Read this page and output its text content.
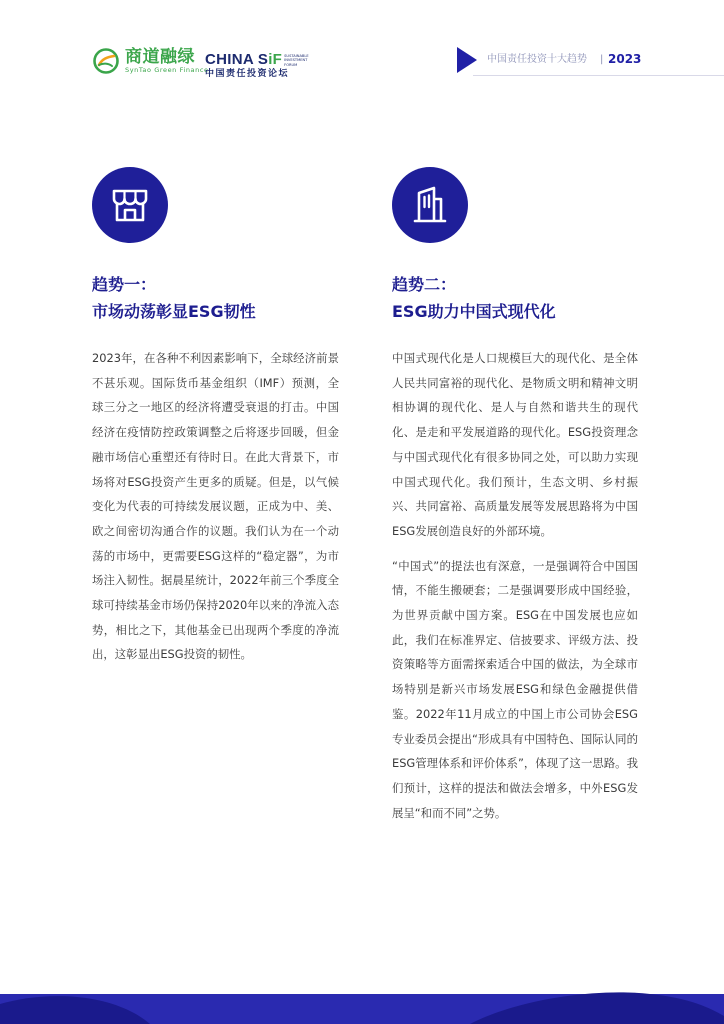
商道融绿
SynTao Green Finance
CHINA SiF SUSTAINABLE INVESTMENT FORUM
中国责任投资论坛
中国责任投资十大趋势 | 2023
趋势一：
市场动荡彰显ESG韧性

2023年，在各种不利因素影响下，全球经济前景不甚乐观。国际货币基金组织（IMF）预测，全球三分之一地区的经济将遭受衰退的打击。中国经济在疫情防控政策调整之后将逐步回暖，但金融市场信心重塑还有待时日。在此大背景下，市场将对ESG投资产生更多的质疑。但是，以气候变化为代表的可持续发展议题，正成为中、美、欧之间密切沟通合作的议题。我们认为在一个动荡的市场中，更需要ESG这样的“稳定器”，为市场注入韧性。据晨星统计，2022年前三个季度全球可持续基金市场仍保持2020年以来的净流入态势，相比之下，其他基金已出现两个季度的净流出，这彰显出ESG投资的韧性。

趋势二：
ESG助力中国式现代化

中国式现代化是人口规模巨大的现代化、是全体人民共同富裕的现代化、是物质文明和精神文明相协调的现代化、是人与自然和谐共生的现代化、是走和平发展道路的现代化。ESG投资理念与中国式现代化有很多协同之处，可以助力实现中国式现代化。我们预计，生态文明、乡村振兴、共同富裕、高质量发展等发展思路将为中国ESG发展创造良好的外部环境。

“中国式”的提法也有深意，一是强调符合中国国情，不能生搬硬套；二是强调要形成中国经验，为世界贡献中国方案。ESG在中国发展也应如此，我们在标准界定、信披要求、评级方法、投资策略等方面需探索适合中国的做法，为全球市场特别是新兴市场发展ESG和绿色金融提供借鉴。2022年11月成立的中国上市公司协会ESG专业委员会提出“形成具有中国特色、国际认同的ESG管理体系和评价体系”，体现了这一思路。我们预计，这样的提法和做法会增多，中外ESG发展呈“和而不同”之势。
